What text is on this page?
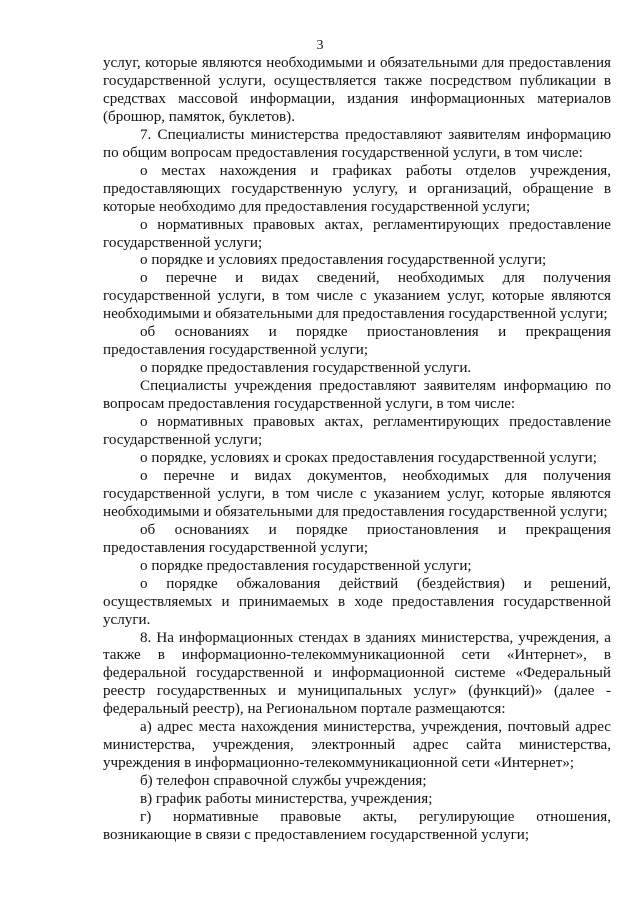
3

услуг, которые являются необходимыми и обязательными для предоставления государственной услуги, осуществляется также посредством публикации в средствах массовой информации, издания информационных материалов (брошюр, памяток, буклетов).

7. Специалисты министерства предоставляют заявителям информацию по общим вопросам предоставления государственной услуги, в том числе:

о местах нахождения и графиках работы отделов учреждения, предоставляющих государственную услугу, и организаций, обращение в которые необходимо для предоставления государственной услуги;

о нормативных правовых актах, регламентирующих предоставление государственной услуги;

о порядке и условиях предоставления государственной услуги;

о перечне и видах сведений, необходимых для получения государственной услуги, в том числе с указанием услуг, которые являются необходимыми и обязательными для предоставления государственной услуги;

об основаниях и порядке приостановления и прекращения предоставления государственной услуги;

о порядке предоставления государственной услуги.

Специалисты учреждения предоставляют заявителям информацию по вопросам предоставления государственной услуги, в том числе:

о нормативных правовых актах, регламентирующих предоставление государственной услуги;

о порядке, условиях и сроках предоставления государственной услуги;

о перечне и видах документов, необходимых для получения государственной услуги, в том числе с указанием услуг, которые являются необходимыми и обязательными для предоставления государственной услуги;

об основаниях и порядке приостановления и прекращения предоставления государственной услуги;

о порядке предоставления государственной услуги;

о порядке обжалования действий (бездействия) и решений, осуществляемых и принимаемых в ходе предоставления государственной услуги.

8. На информационных стендах в зданиях министерства, учреждения, а также в информационно-телекоммуникационной сети «Интернет», в федеральной государственной и информационной системе «Федеральный реестр государственных и муниципальных услуг» (функций)» (далее - федеральный реестр), на Региональном портале размещаются:

а) адрес места нахождения министерства, учреждения, почтовый адрес министерства, учреждения, электронный адрес сайта министерства, учреждения в информационно-телекоммуникационной сети «Интернет»;

б) телефон справочной службы учреждения;

в) график работы министерства, учреждения;

г) нормативные правовые акты, регулирующие отношения, возникающие в связи с предоставлением государственной услуги;
